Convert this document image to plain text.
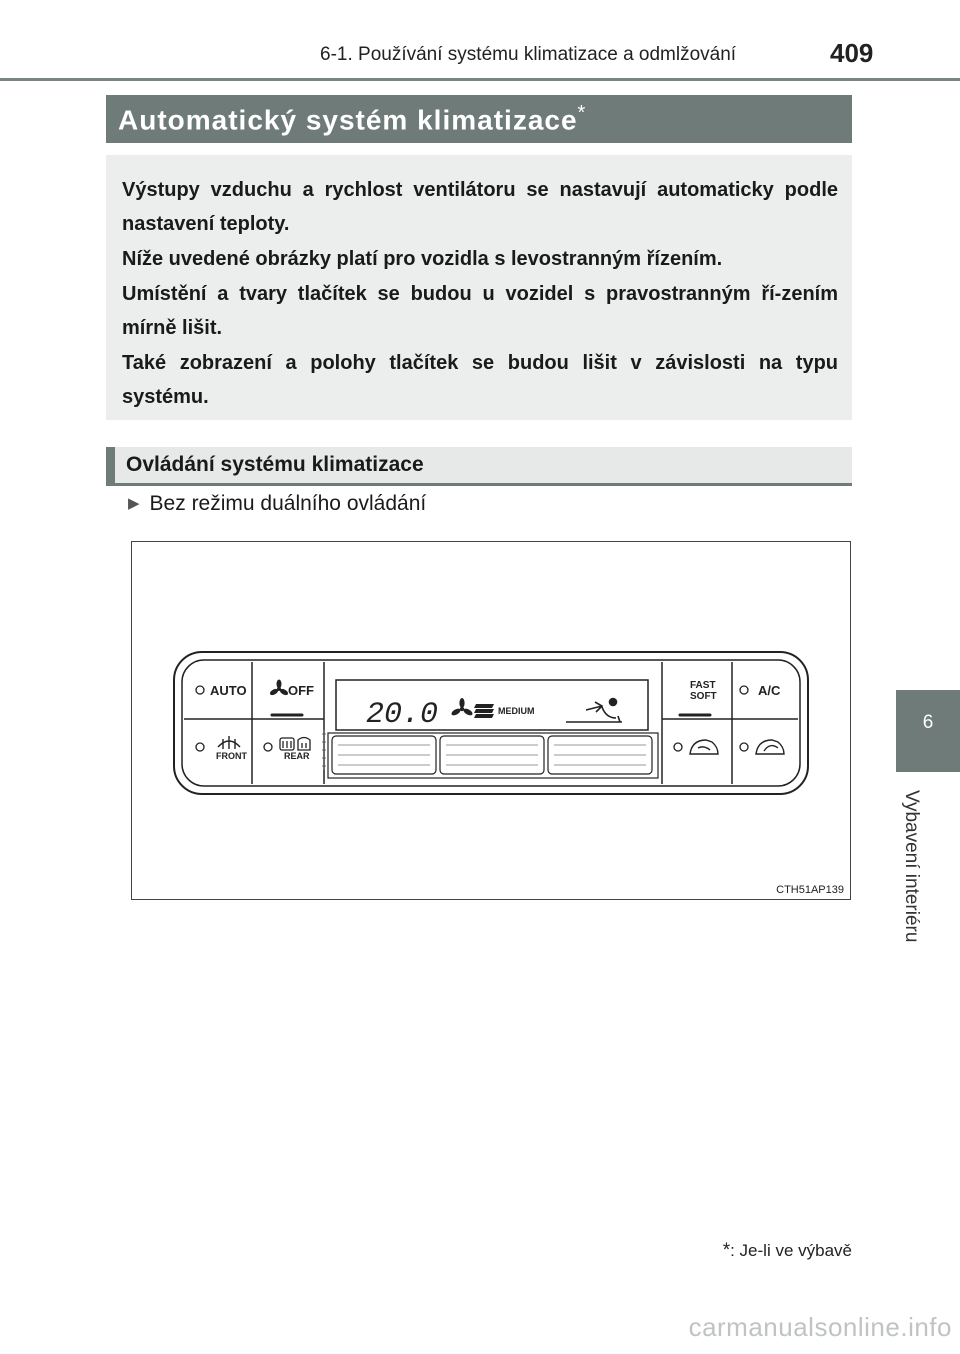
6-1. Používání systému klimatizace a odmlžování	409
6
Vybavení interiéru
Automatický systém klimatizace*

Výstupy vzduchu a rychlost ventilátoru se nastavují automaticky podle nastavení teploty.

Níže uvedené obrázky platí pro vozidla s levostranným řízením.

Umístění a tvary tlačítek se budou u vozidel s pravostranným ří-zením mírně lišit.

Také zobrazení a polohy tlačítek se budou lišit v závislosti na typu systému.

Ovládání systému klimatizace
▶ Bez režimu duálního ovládání
AUTO	OFF
FRONT	REAR
FAST
SOFT	A/C
20.0	MEDIUM
CTH51AP139
*: Je-li ve výbavě
carmanualsonline.info
